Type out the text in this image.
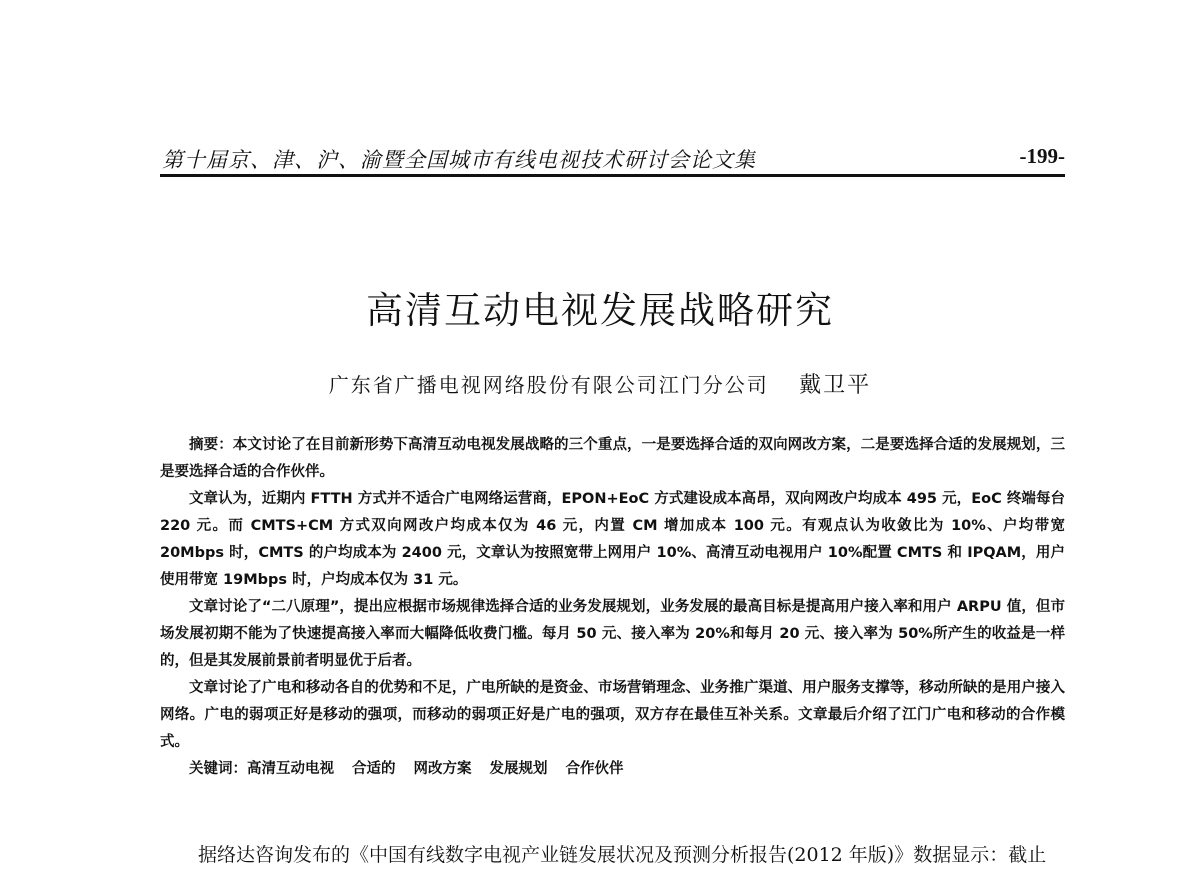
第十届京、津、沪、渝暨全国城市有线电视技术研讨会论文集	-199-
高清互动电视发展战略研究
广东省广播电视网络股份有限公司江门分公司 戴卫平

摘要：本文讨论了在目前新形势下高清互动电视发展战略的三个重点，一是要选择合适的双向网改方案，二是要选择合适的发展规划，三是要选择合适的合作伙伴。

文章认为，近期内 FTTH 方式并不适合广电网络运营商，EPON+EoC 方式建设成本高昂，双向网改户均成本 495 元，EoC 终端每台 220 元。而 CMTS+CM 方式双向网改户均成本仅为 46 元，内置 CM 增加成本 100 元。有观点认为收敛比为 10%、户均带宽 20Mbps 时，CMTS 的户均成本为 2400 元，文章认为按照宽带上网用户 10%、高清互动电视用户 10%配置 CMTS 和 IPQAM，用户使用带宽 19Mbps 时，户均成本仅为 31 元。

文章讨论了“二八原理”，提出应根据市场规律选择合适的业务发展规划，业务发展的最高目标是提高用户接入率和用户 ARPU 值，但市场发展初期不能为了快速提高接入率而大幅降低收费门槛。每月 50 元、接入率为 20%和每月 20 元、接入率为 50%所产生的收益是一样的，但是其发展前景前者明显优于后者。

文章讨论了广电和移动各自的优势和不足，广电所缺的是资金、市场营销理念、业务推广渠道、用户服务支撑等，移动所缺的是用户接入网络。广电的弱项正好是移动的强项，而移动的弱项正好是广电的强项，双方存在最佳互补关系。文章最后介绍了江门广电和移动的合作模式。

关键词：高清互动电视 合适的 网改方案 发展规划 合作伙伴
据络达咨询发布的《中国有线数字电视产业链发展状况及预测分析报告(2012 年版)》数据显示：截止
